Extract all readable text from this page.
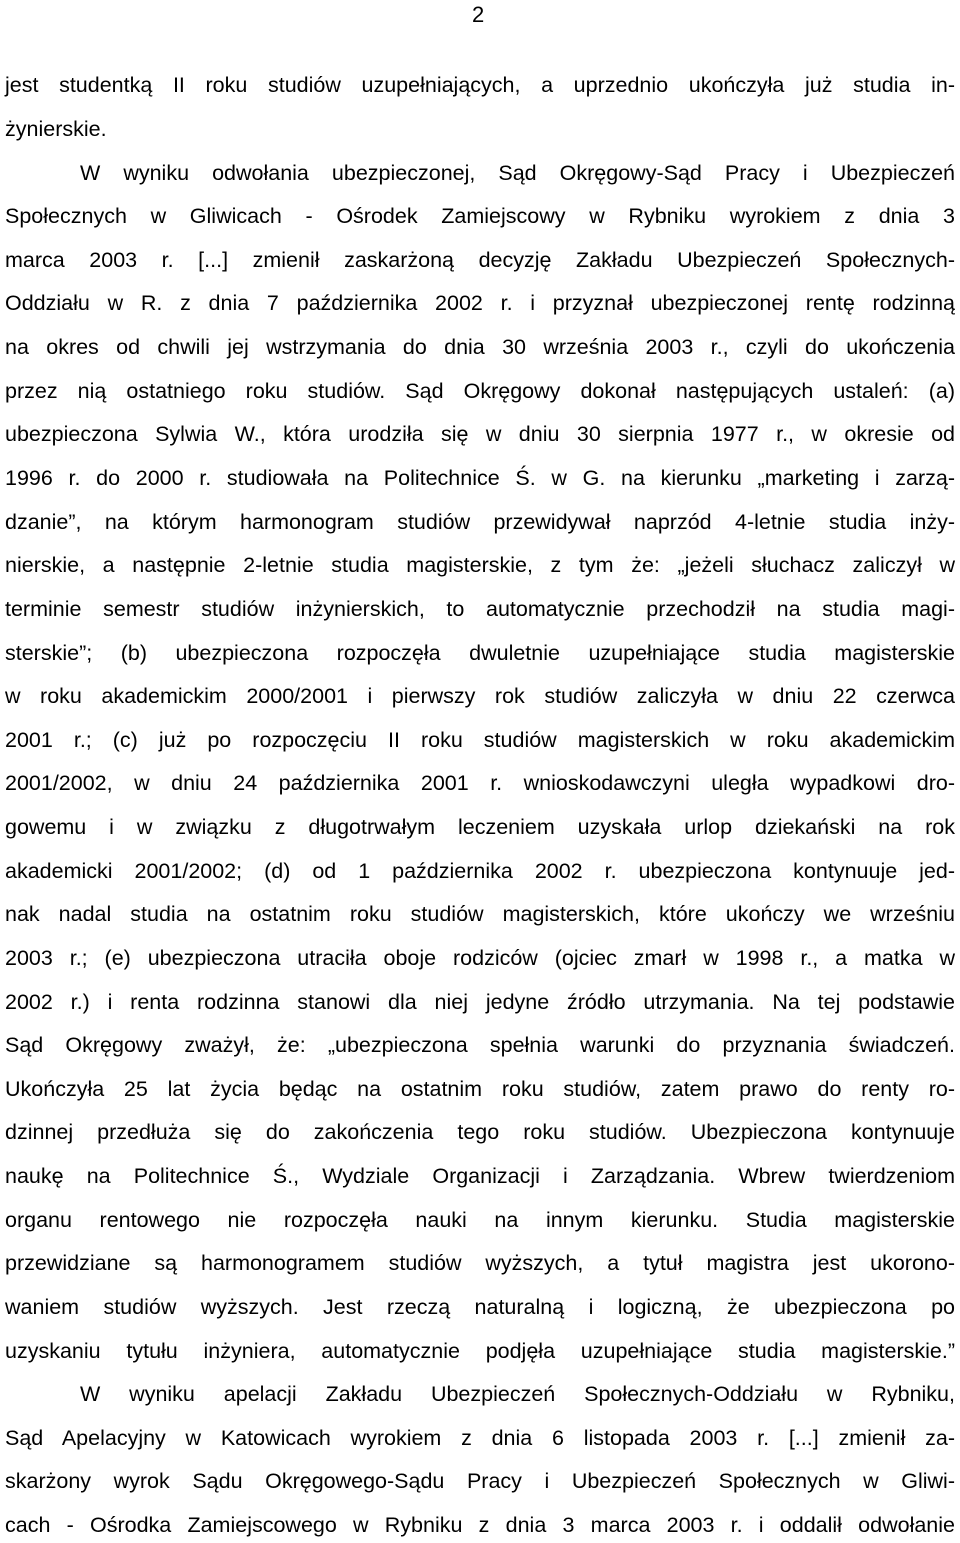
2
jest studentką II roku studiów uzupełniających, a uprzednio ukończyła już studia in-
żynierskie.
W wyniku odwołania ubezpieczonej, Sąd Okręgowy-Sąd Pracy i Ubezpieczeń
Społecznych w Gliwicach - Ośrodek Zamiejscowy w Rybniku wyrokiem z dnia 3
marca 2003 r. [...] zmienił zaskarżoną decyzję Zakładu Ubezpieczeń Społecznych-
Oddziału w R. z dnia 7 października 2002 r. i przyznał ubezpieczonej rentę rodzinną
na okres od chwili jej wstrzymania do dnia 30 września 2003 r., czyli do ukończenia
przez nią ostatniego roku studiów. Sąd Okręgowy dokonał następujących ustaleń: (a)
ubezpieczona Sylwia W., która urodziła się w dniu 30 sierpnia 1977 r., w okresie od
1996 r. do 2000 r. studiowała na Politechnice Ś. w G. na kierunku „marketing i zarzą-
dzanie”, na którym harmonogram studiów przewidywał naprzód 4-letnie studia inży-
nierskie, a następnie 2-letnie studia magisterskie, z tym że: „jeżeli słuchacz zaliczył w
terminie semestr studiów inżynierskich, to automatycznie przechodził na studia magi-
sterskie”; (b) ubezpieczona rozpoczęła dwuletnie uzupełniające studia magisterskie
w roku akademickim 2000/2001 i pierwszy rok studiów zaliczyła w dniu 22 czerwca
2001 r.; (c) już po rozpoczęciu II roku studiów magisterskich w roku akademickim
2001/2002, w dniu 24 października 2001 r. wnioskodawczyni uległa wypadkowi dro-
gowemu i w związku z długotrwałym leczeniem uzyskała urlop dziekański na rok
akademicki 2001/2002; (d) od 1 października 2002 r. ubezpieczona kontynuuje jed-
nak nadal studia na ostatnim roku studiów magisterskich, które ukończy we wrześniu
2003 r.; (e) ubezpieczona utraciła oboje rodziców (ojciec zmarł w 1998 r., a matka w
2002 r.) i renta rodzinna stanowi dla niej jedyne źródło utrzymania. Na tej podstawie
Sąd Okręgowy zważył, że: „ubezpieczona spełnia warunki do przyznania świadczeń.
Ukończyła 25 lat życia będąc na ostatnim roku studiów, zatem prawo do renty ro-
dzinnej przedłuża się do zakończenia tego roku studiów. Ubezpieczona kontynuuje
naukę na Politechnice Ś., Wydziale Organizacji i Zarządzania. Wbrew twierdzeniom
organu rentowego nie rozpoczęła nauki na innym kierunku. Studia magisterskie
przewidziane są harmonogramem studiów wyższych, a tytuł magistra jest ukorono-
waniem studiów wyższych. Jest rzeczą naturalną i logiczną, że ubezpieczona po
uzyskaniu tytułu inżyniera, automatycznie podjęła uzupełniające studia magisterskie.”
W wyniku apelacji Zakładu Ubezpieczeń Społecznych-Oddziału w Rybniku,
Sąd Apelacyjny w Katowicach wyrokiem z dnia 6 listopada 2003 r. [...] zmienił za-
skarżony wyrok Sądu Okręgowego-Sądu Pracy i Ubezpieczeń Społecznych w Gliwi-
cach - Ośrodka Zamiejscowego w Rybniku z dnia 3 marca 2003 r. i oddalił odwołanie
